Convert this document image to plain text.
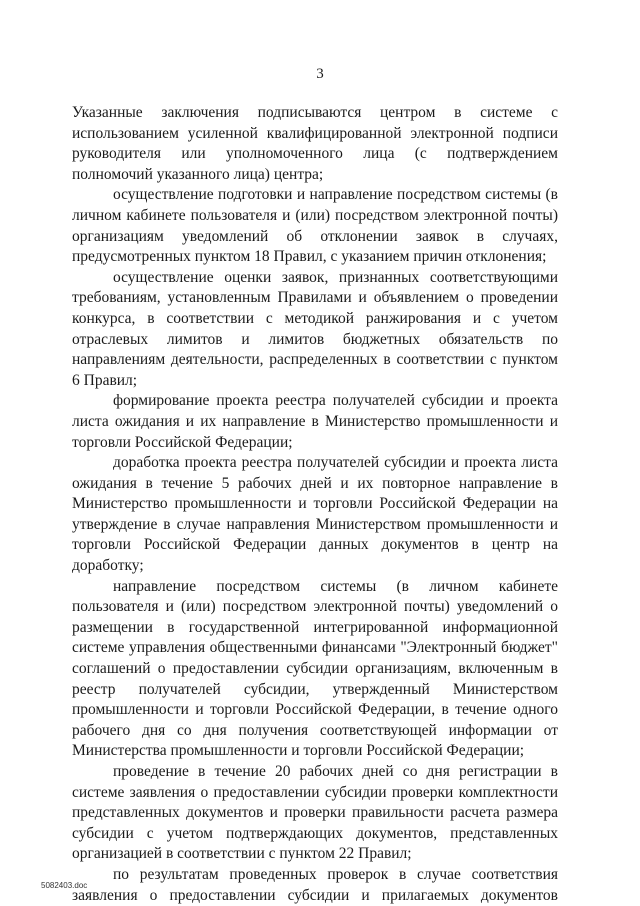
3

Указанные заключения подписываются центром в системе с использованием усиленной квалифицированной электронной подписи руководителя или уполномоченного лица (с подтверждением полномочий указанного лица) центра;

осуществление подготовки и направление посредством системы (в личном кабинете пользователя и (или) посредством электронной почты) организациям уведомлений об отклонении заявок в случаях, предусмотренных пунктом 18 Правил, с указанием причин отклонения;

осуществление оценки заявок, признанных соответствующими требованиям, установленным Правилами и объявлением о проведении конкурса, в соответствии с методикой ранжирования и с учетом отраслевых лимитов и лимитов бюджетных обязательств по направлениям деятельности, распределенных в соответствии с пунктом 6 Правил;

формирование проекта реестра получателей субсидии и проекта листа ожидания и их направление в Министерство промышленности и торговли Российской Федерации;

доработка проекта реестра получателей субсидии и проекта листа ожидания в течение 5 рабочих дней и их повторное направление в Министерство промышленности и торговли Российской Федерации на утверждение в случае направления Министерством промышленности и торговли Российской Федерации данных документов в центр на доработку;

направление посредством системы (в личном кабинете пользователя и (или) посредством электронной почты) уведомлений о размещении в государственной интегрированной информационной системе управления общественными финансами "Электронный бюджет" соглашений о предоставлении субсидии организациям, включенным в реестр получателей субсидии, утвержденный Министерством промышленности и торговли Российской Федерации, в течение одного рабочего дня со дня получения соответствующей информации от Министерства промышленности и торговли Российской Федерации;

проведение в течение 20 рабочих дней со дня регистрации в системе заявления о предоставлении субсидии проверки комплектности представленных документов и проверки правильности расчета размера субсидии с учетом подтверждающих документов, представленных организацией в соответствии с пунктом 22 Правил;

по результатам проведенных проверок в случае соответствия заявления о предоставлении субсидии и прилагаемых документов

5082403.doc
